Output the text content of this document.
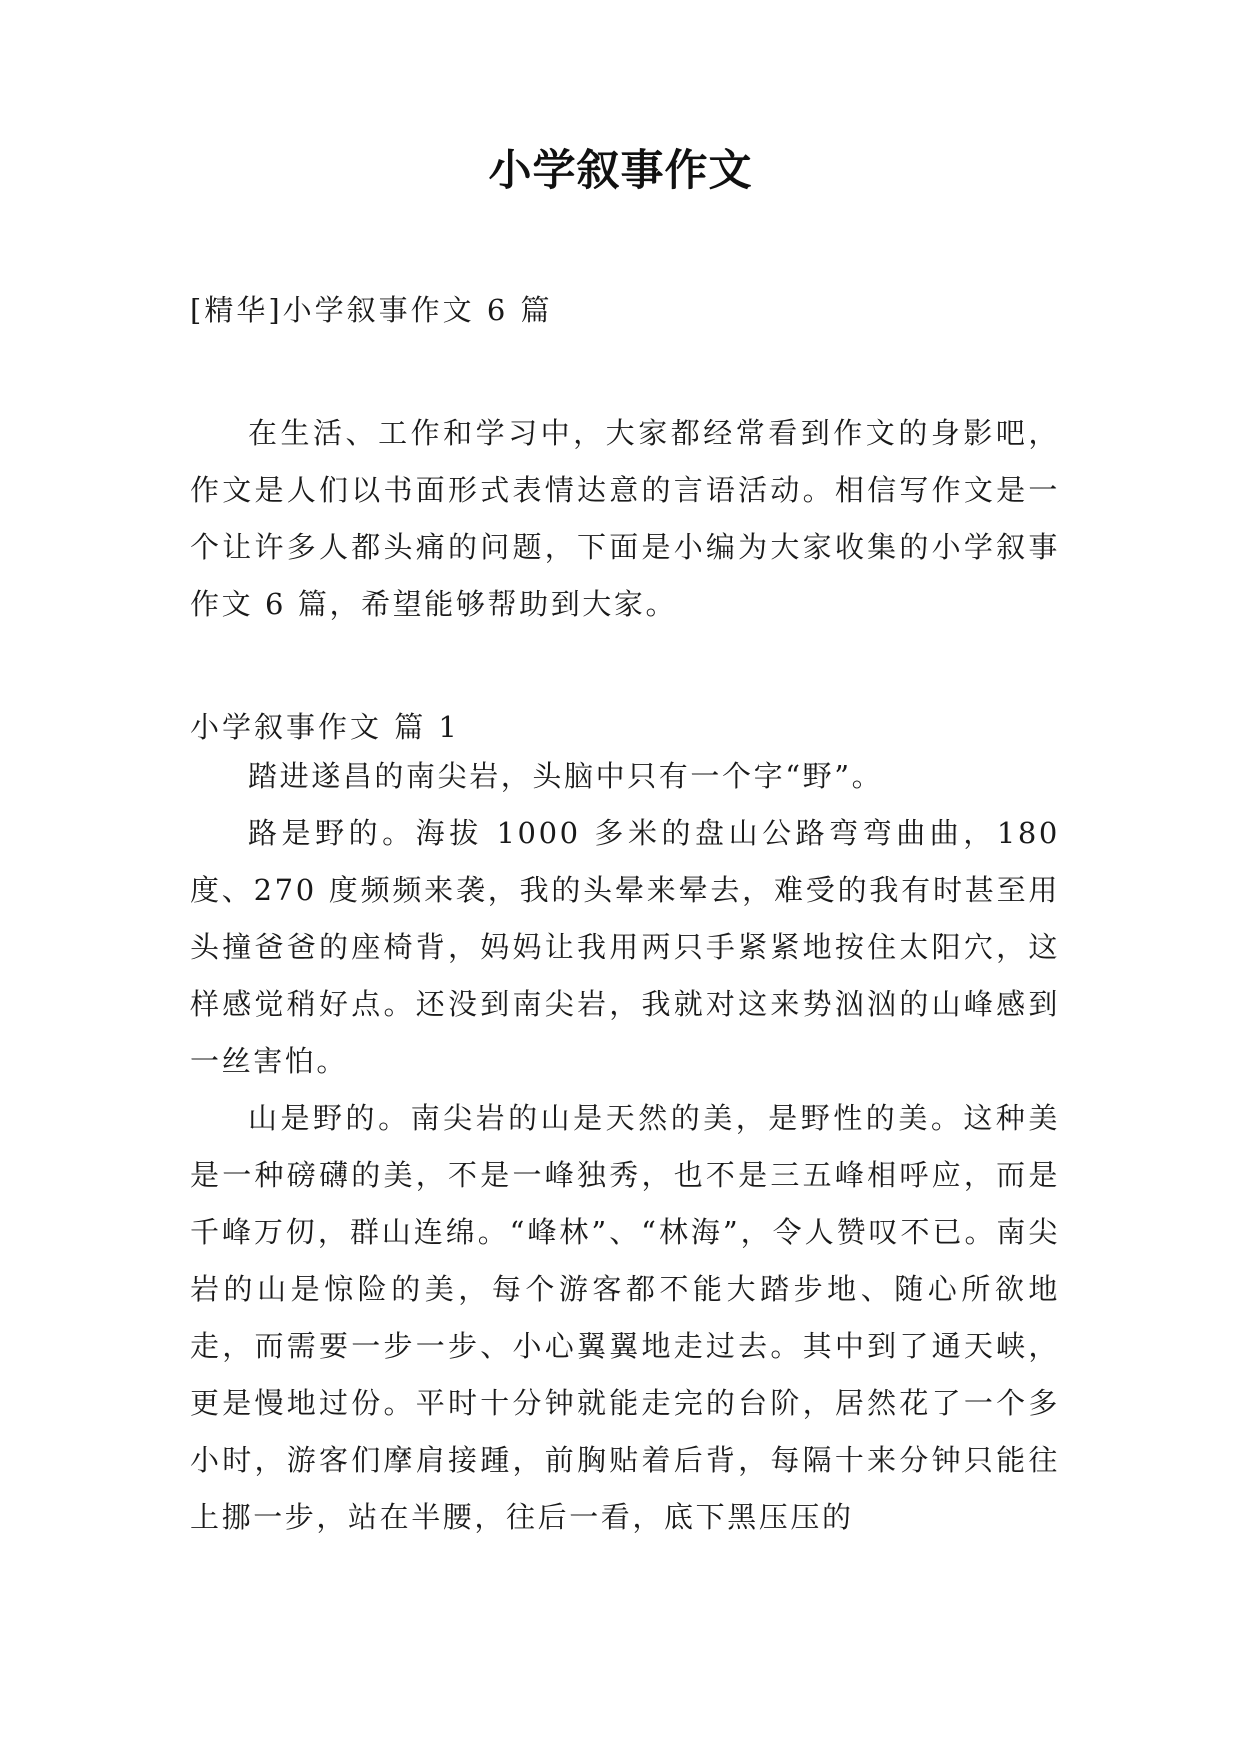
小学叙事作文

[精华]小学叙事作文 6 篇

在生活、工作和学习中，大家都经常看到作文的身影吧，作文是人们以书面形式表情达意的言语活动。相信写作文是一个让许多人都头痛的问题，下面是小编为大家收集的小学叙事作文 6 篇，希望能够帮助到大家。

小学叙事作文 篇 1

踏进遂昌的南尖岩，头脑中只有一个字“野”。

路是野的。海拔 1000 多米的盘山公路弯弯曲曲，180 度、270 度频频来袭，我的头晕来晕去，难受的我有时甚至用头撞爸爸的座椅背，妈妈让我用两只手紧紧地按住太阳穴，这样感觉稍好点。还没到南尖岩，我就对这来势汹汹的山峰感到一丝害怕。

山是野的。南尖岩的山是天然的美，是野性的美。这种美是一种磅礴的美，不是一峰独秀，也不是三五峰相呼应，而是千峰万仞，群山连绵。“峰林”、“林海”，令人赞叹不已。南尖岩的山是惊险的美，每个游客都不能大踏步地、随心所欲地走，而需要一步一步、小心翼翼地走过去。其中到了通天峡，更是慢地过份。平时十分钟就能走完的台阶，居然花了一个多小时，游客们摩肩接踵，前胸贴着后背，每隔十来分钟只能往上挪一步，站在半腰，往后一看，底下黑压压的
